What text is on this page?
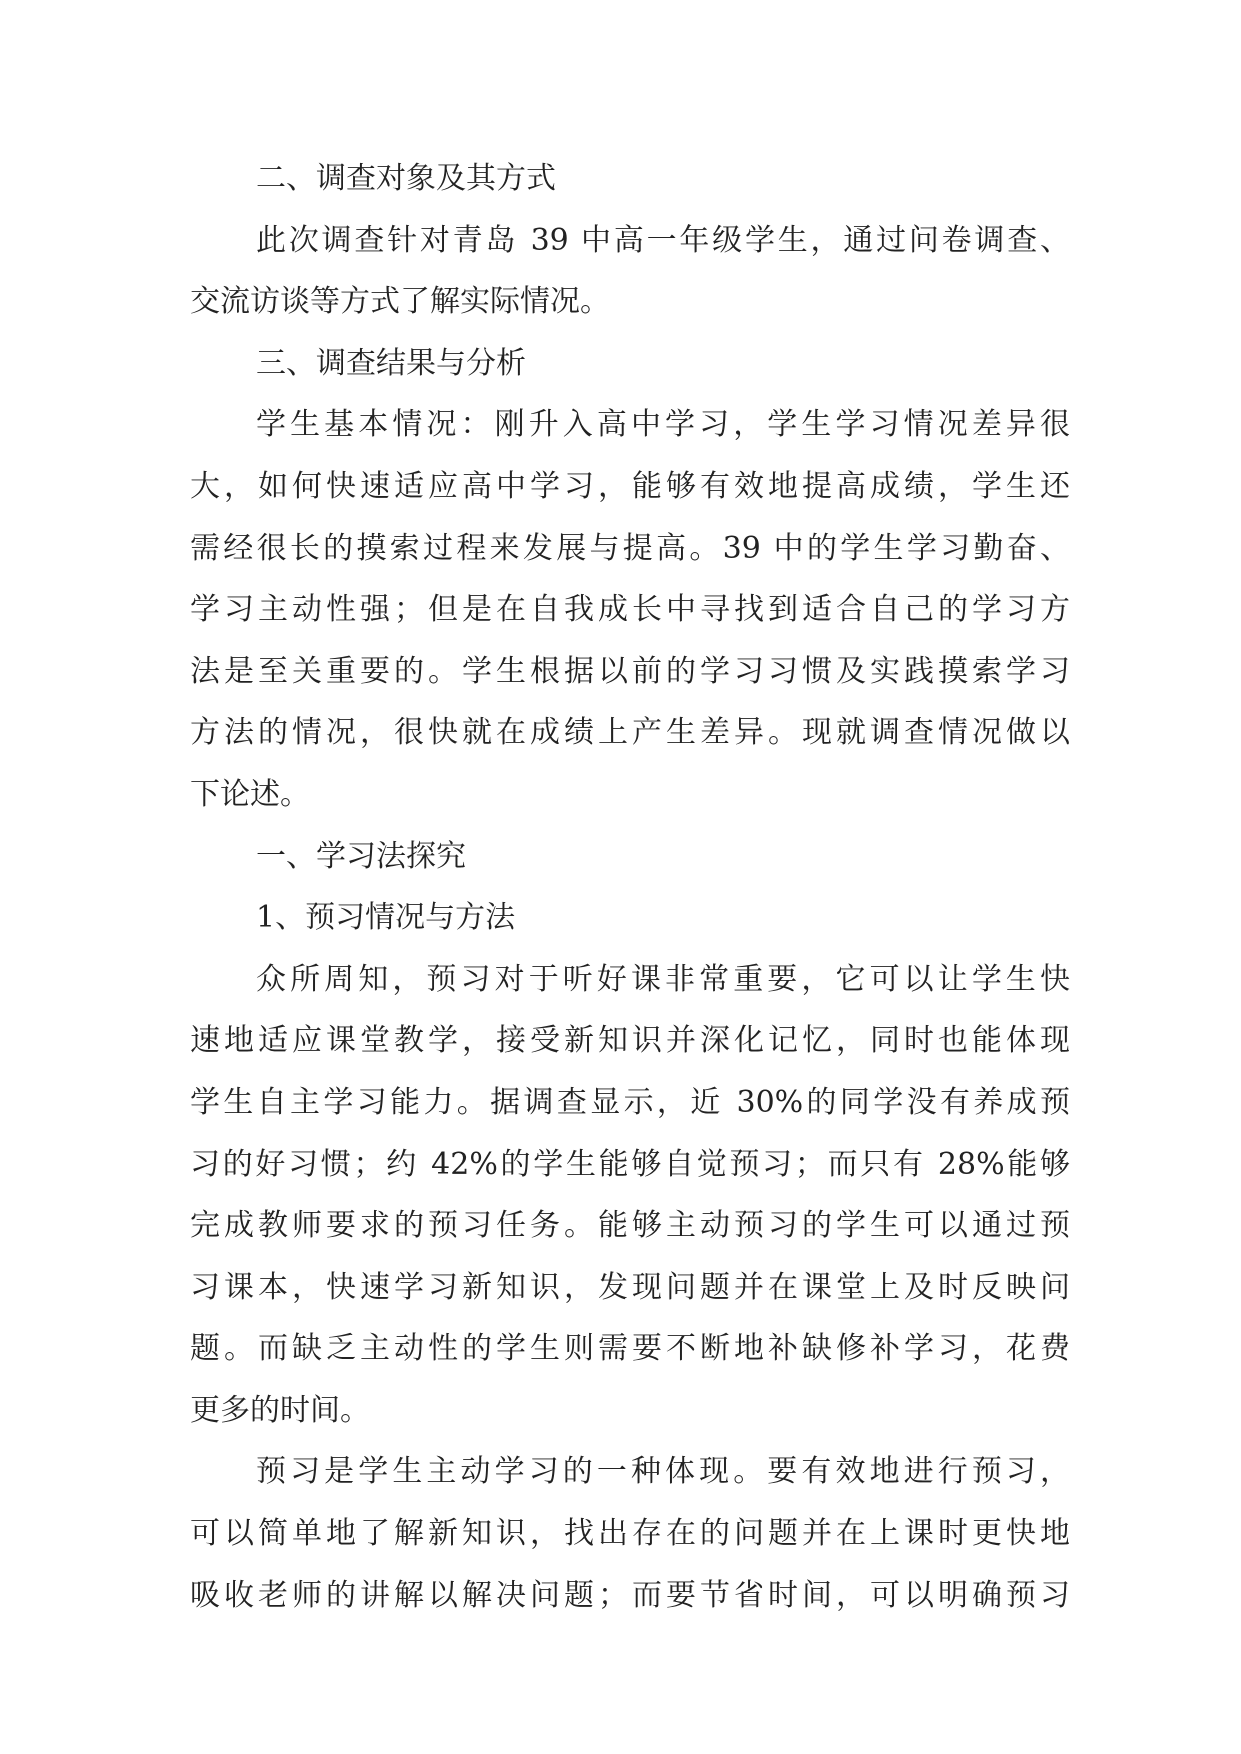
二、调查对象及其方式
此次调查针对青岛 39 中高一年级学生，通过问卷调查、
交流访谈等方式了解实际情况。
三、调查结果与分析
学生基本情况：刚升入高中学习，学生学习情况差异很
大，如何快速适应高中学习，能够有效地提高成绩，学生还
需经很长的摸索过程来发展与提高。39 中的学生学习勤奋、
学习主动性强；但是在自我成长中寻找到适合自己的学习方
法是至关重要的。学生根据以前的学习习惯及实践摸索学习
方法的情况，很快就在成绩上产生差异。现就调查情况做以
下论述。
一、学习法探究
1、预习情况与方法
众所周知，预习对于听好课非常重要，它可以让学生快
速地适应课堂教学，接受新知识并深化记忆，同时也能体现
学生自主学习能力。据调查显示，近 30%的同学没有养成预
习的好习惯；约 42%的学生能够自觉预习；而只有 28%能够
完成教师要求的预习任务。能够主动预习的学生可以通过预
习课本，快速学习新知识，发现问题并在课堂上及时反映问
题。而缺乏主动性的学生则需要不断地补缺修补学习，花费
更多的时间。
预习是学生主动学习的一种体现。要有效地进行预习，
可以简单地了解新知识，找出存在的问题并在上课时更快地
吸收老师的讲解以解决问题；而要节省时间，可以明确预习
